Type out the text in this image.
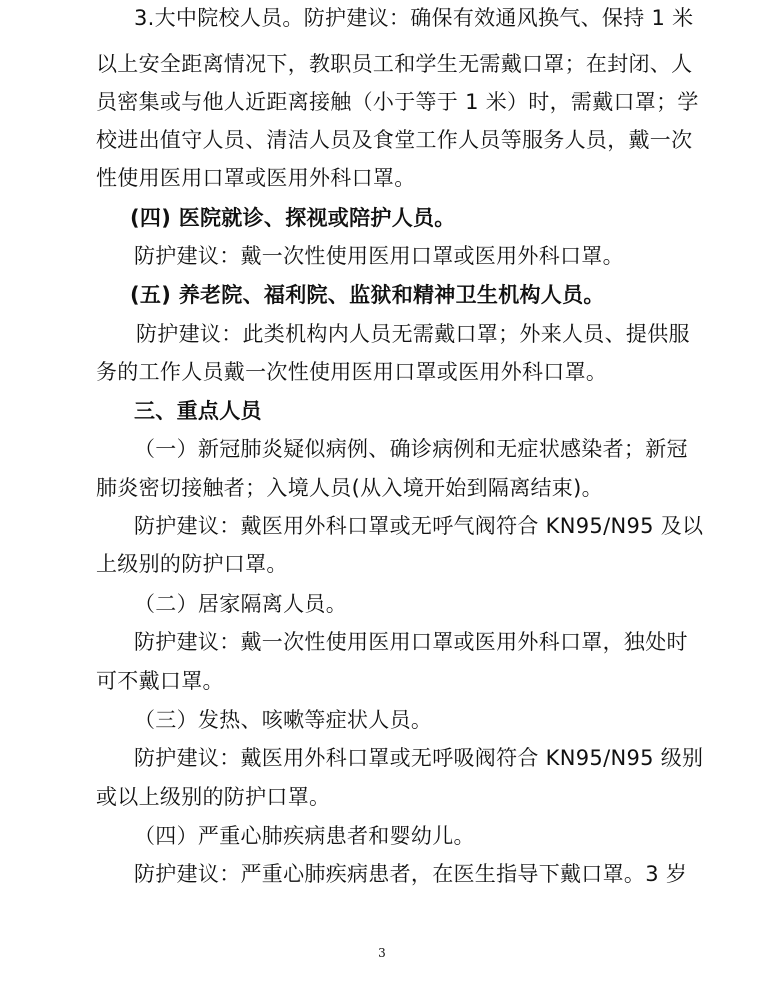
3.大中院校人员。防护建议：确保有效通风换气、保持 1 米
以上安全距离情况下，教职员工和学生无需戴口罩；在封闭、人
员密集或与他人近距离接触（小于等于 1 米）时，需戴口罩；学
校进出值守人员、清洁人员及食堂工作人员等服务人员，戴一次
性使用医用口罩或医用外科口罩。
(四) 医院就诊、探视或陪护人员。
防护建议：戴一次性使用医用口罩或医用外科口罩。
(五) 养老院、福利院、监狱和精神卫生机构人员。
防护建议：此类机构内人员无需戴口罩；外来人员、提供服
务的工作人员戴一次性使用医用口罩或医用外科口罩。
三、重点人员
（一）新冠肺炎疑似病例、确诊病例和无症状感染者；新冠
肺炎密切接触者；入境人员(从入境开始到隔离结束)。
防护建议：戴医用外科口罩或无呼气阀符合 KN95/N95 及以
上级别的防护口罩。
（二）居家隔离人员。
防护建议：戴一次性使用医用口罩或医用外科口罩，独处时
可不戴口罩。
（三）发热、咳嗽等症状人员。
防护建议：戴医用外科口罩或无呼吸阀符合 KN95/N95 级别
或以上级别的防护口罩。
（四）严重心肺疾病患者和婴幼儿。
防护建议：严重心肺疾病患者，在医生指导下戴口罩。3 岁
3
